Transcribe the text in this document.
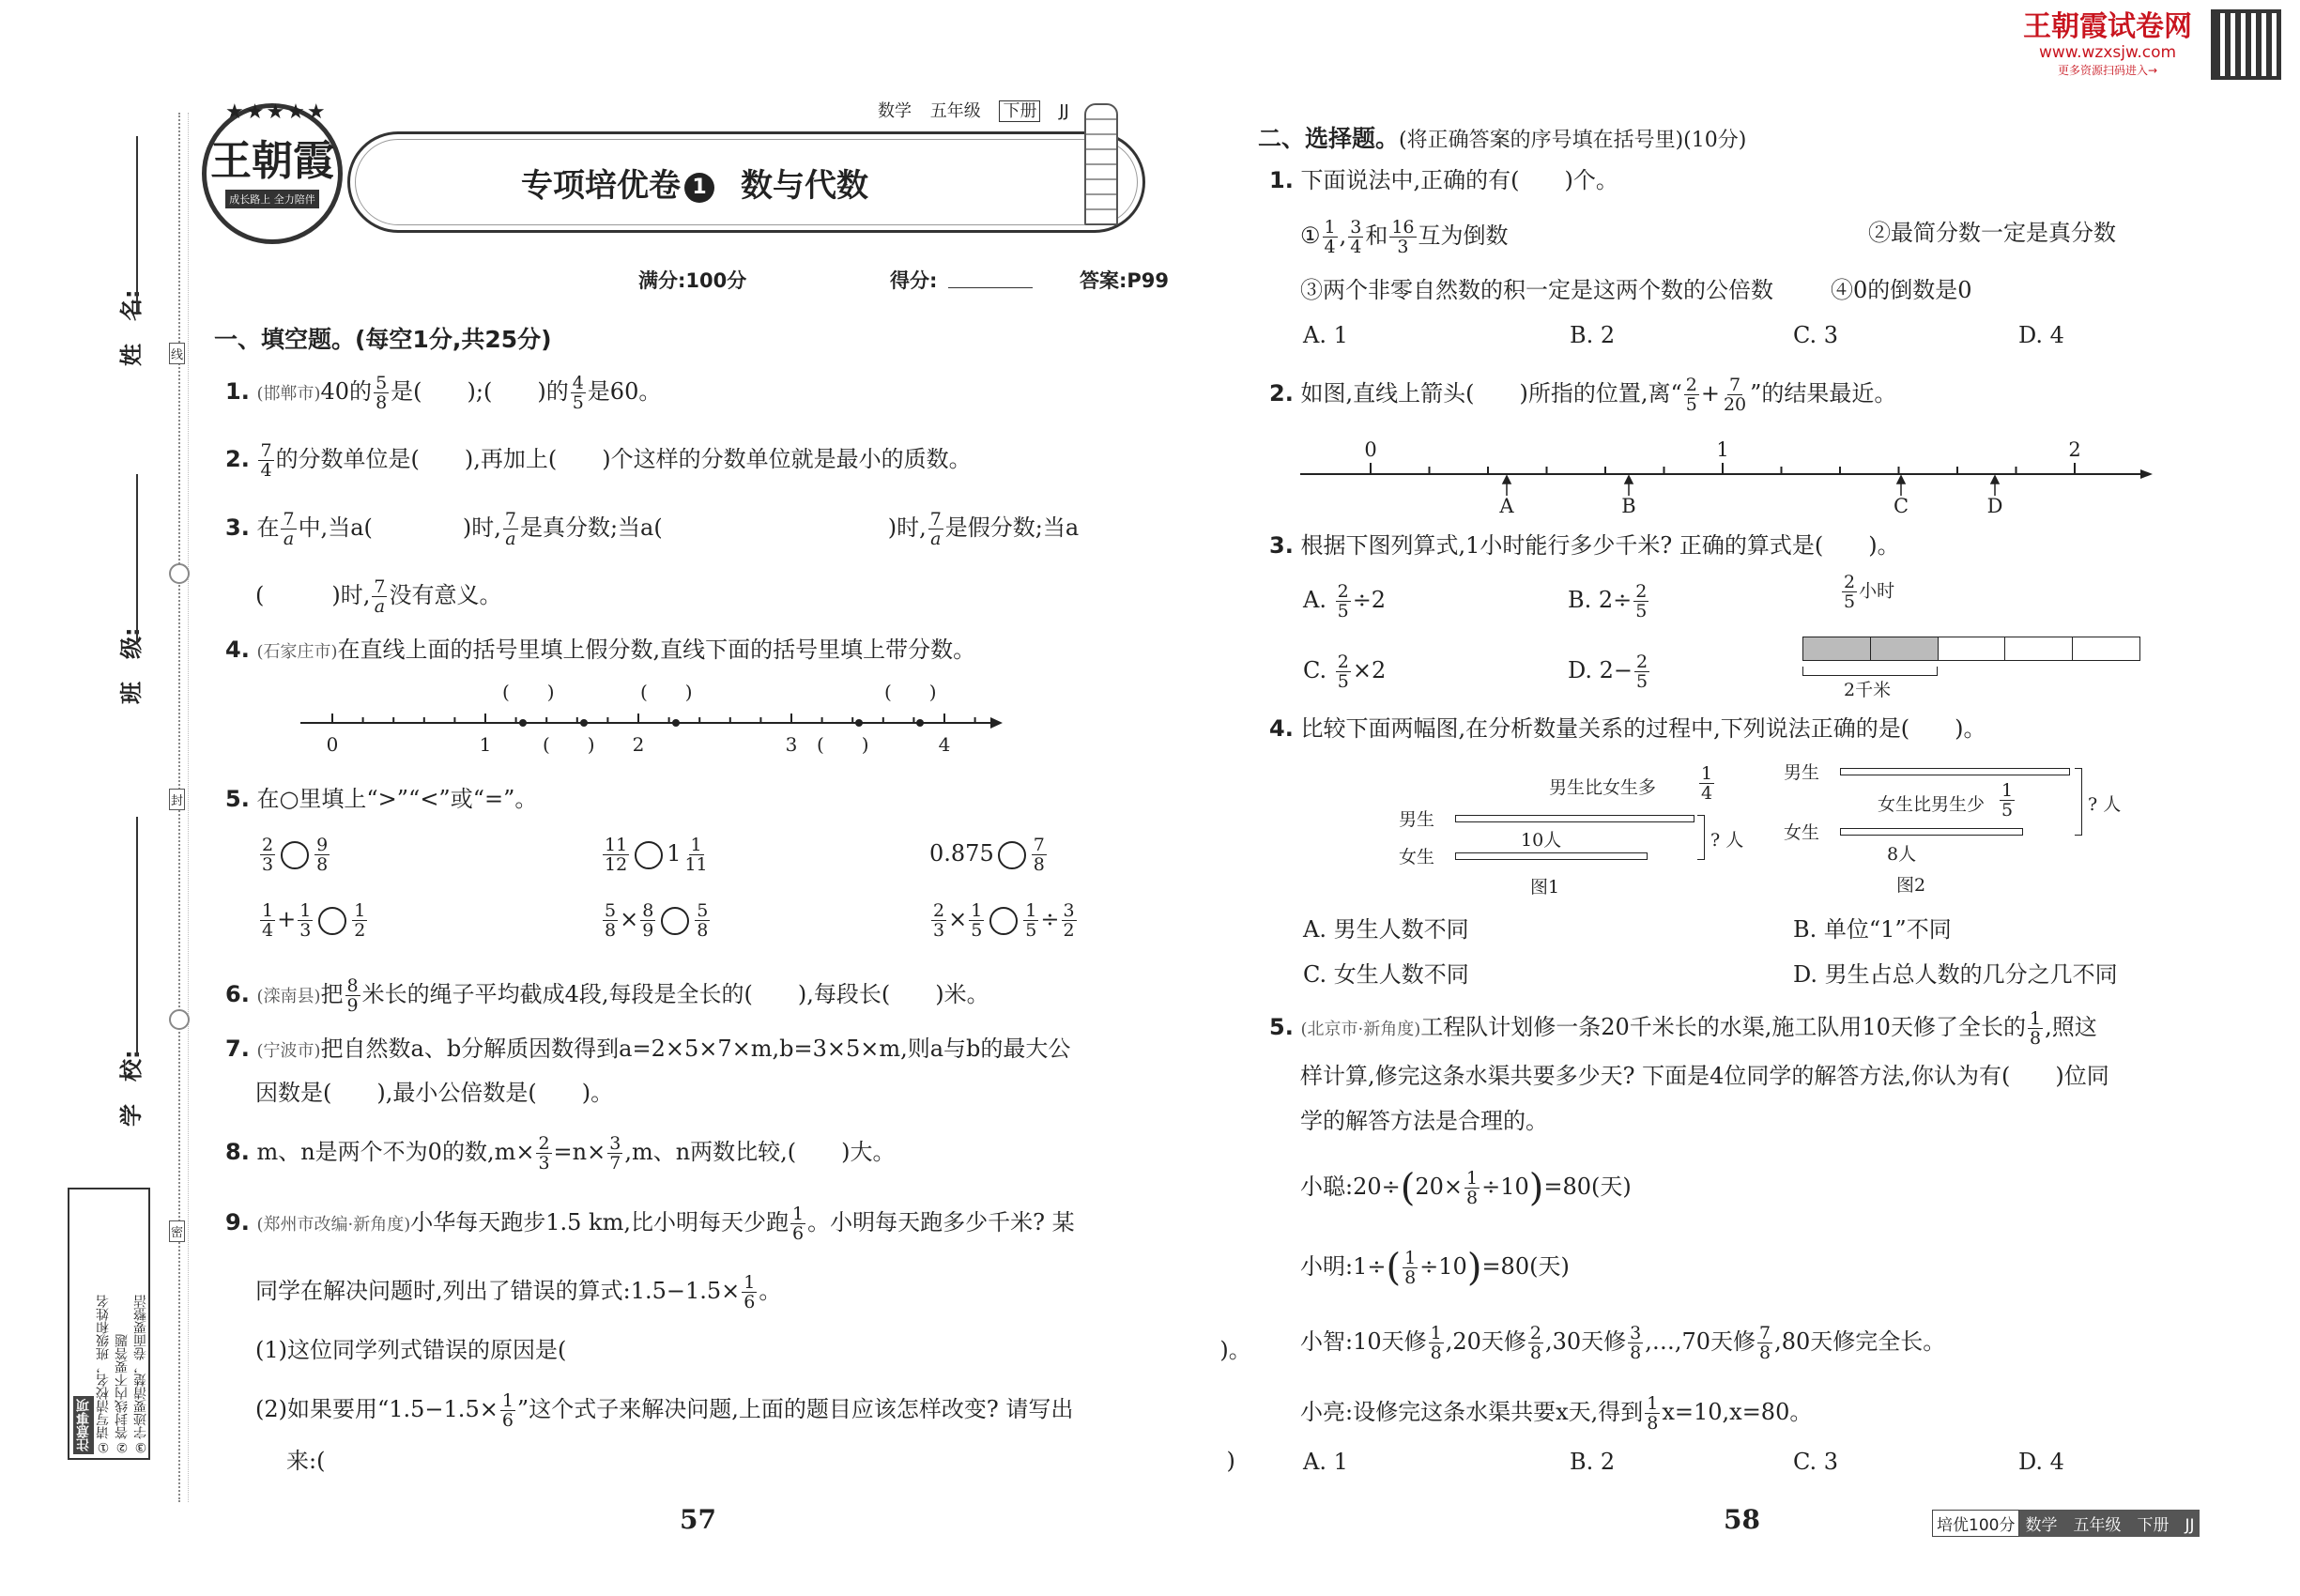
王朝霞试卷网
www.wzxsjw.com
更多资源扫码进入→
姓　名:
班　级:
学　校:
线
封
密
注意事项 ①请写清校名，班级和姓名 ②答封线内不要答题 ③字迹要清楚，卷面要整洁
★★★★★
王朝霞
成长路上 全力陪伴
数学 五年级 下册 JJ
专项培优卷 1 数与代数
满分:100分	得分:	答案:P99
一、填空题。(每空1分,共25分)
1. (邯郸市)40的 $\frac{5}{8}$ 是(　　);(　　)的 $\frac{4}{5}$ 是60。
2. $\frac{7}{4}$ 的分数单位是(　　),再加上(　　)个这样的分数单位就是最小的质数。
3. 在 $\frac{7}{a}$ 中,当a(　　　　)时, $\frac{7}{a}$ 是真分数;当a(　　　　　　　　　　)时, $\frac{7}{a}$ 是假分数;当a
(　　　)时, $\frac{7}{a}$ 没有意义。
4. (石家庄市)在直线上面的括号里填上假分数,直线下面的括号里填上带分数。
0	1	2	3	4
(　　)	(　　)	(　　)
(　　)	(　　)
5. 在○里填上“>”“<”或“=”。
$\frac{2}{3} \frac{9}{8}$	$\frac{11}{12} 1 \frac{1}{11}$	$0.875 \frac{7}{8}$
$\frac{1}{4} + \frac{1}{3} \frac{1}{2}$	$\frac{5}{8} \times \frac{8}{9} \frac{5}{8}$	$\frac{2}{3} \times \frac{1}{5} \frac{1}{5} \div \frac{3}{2}$
6. (滦南县)把 $\frac{8}{9}$ 米长的绳子平均截成4段,每段是全长的(　　),每段长(　　)米。
7. (宁波市)把自然数a、b分解质因数得到a=2×5×7×m,b=3×5×m,则a与b的最大公
因数是(　　),最小公倍数是(　　)。
8. m、n是两个不为0的数$,m\times \frac{2}{3} =n\times \frac{3}{7} ,m$、n两数比较,(　　)大。
9. (郑州市改编·新角度)小华每天跑步1.5 km,比小明每天少跑 $\frac{1}{6}$ 。小明每天跑多少千米? 某
同学在解决问题时,列出了错误的算式:1.5−1.5× $\frac{1}{6}$ 。
(1)这位同学列式错误的原因是(　　　　　　　　　　　　　　　　　　　　　　　　　　　　　)。
(2)如果要用“$1.5-1.5\times \frac{1}{6}$ ”这个式子来解决问题,上面的题目应该怎样改变? 请写出
来:(　　　　　　　　　　　　　　　　　　　　　　　　　　　　　　　　　　　　　　　　)
57
二、选择题。(将正确答案的序号填在括号里)(10分)
1. 下面说法中,正确的有(　　)个。
① $\frac{1}{4}$ , $\frac{3}{4}$ 和 $\frac{16}{3}$ 互为倒数	②最简分数一定是真分数
③两个非零自然数的积一定是这两个数的公倍数	④0的倒数是0
A. 1	B. 2	C. 3	D. 4
2. 如图,直线上箭头(　　)所指的位置,离“ $\frac{2}{5} + \frac{7}{20}$ ”的结果最近。
0	1	2
A	B	C	D
3. 根据下图列算式,1小时能行多少千米? 正确的算式是(　　)。
A. $\frac{2}{5} \div 2$	B. $2\div \frac{2}{5}$
C. $\frac{2}{5} \times 2$	D. $2- \frac{2}{5}$
$\frac{2}{5}$ 小时
2千米
4. 比较下面两幅图,在分析数量关系的过程中,下列说法正确的是(　　)。
男生比女生多 $\frac{1}{4}$
男生
10人
女生
? 人
图1
男生
女生比男生少 $\frac{1}{5}$
女生
8人
? 人
图2
A. 男生人数不同	B. 单位“1”不同
C. 女生人数不同	D. 男生占总人数的几分之几不同
5. (北京市·新角度)工程队计划修一条20千米长的水渠,施工队用10天修了全长的 $\frac{1}{8}$ ,照这
样计算,修完这条水渠共要多少天? 下面是4位同学的解答方法,你认为有(　　)位同
学的解答方法是合理的。
小聪:20÷(20× $\frac{1}{8} \div 10)=80$(天)
小明:1÷( $\frac{1}{8} \div 10)=80$(天)
小智:10天修 $\frac{1}{8} ,20$天修 $\frac{2}{8} ,30$天修 $\frac{3}{8}$ ,…,70天修 $\frac{7}{8} ,80$天修完全长。
小亮:设修完这条水渠共要x天,得到 $\frac{1}{8} x=10,x=80$。
A. 1	B. 2	C. 3	D. 4
58	培优100分 数学　五年级　下册　JJ
